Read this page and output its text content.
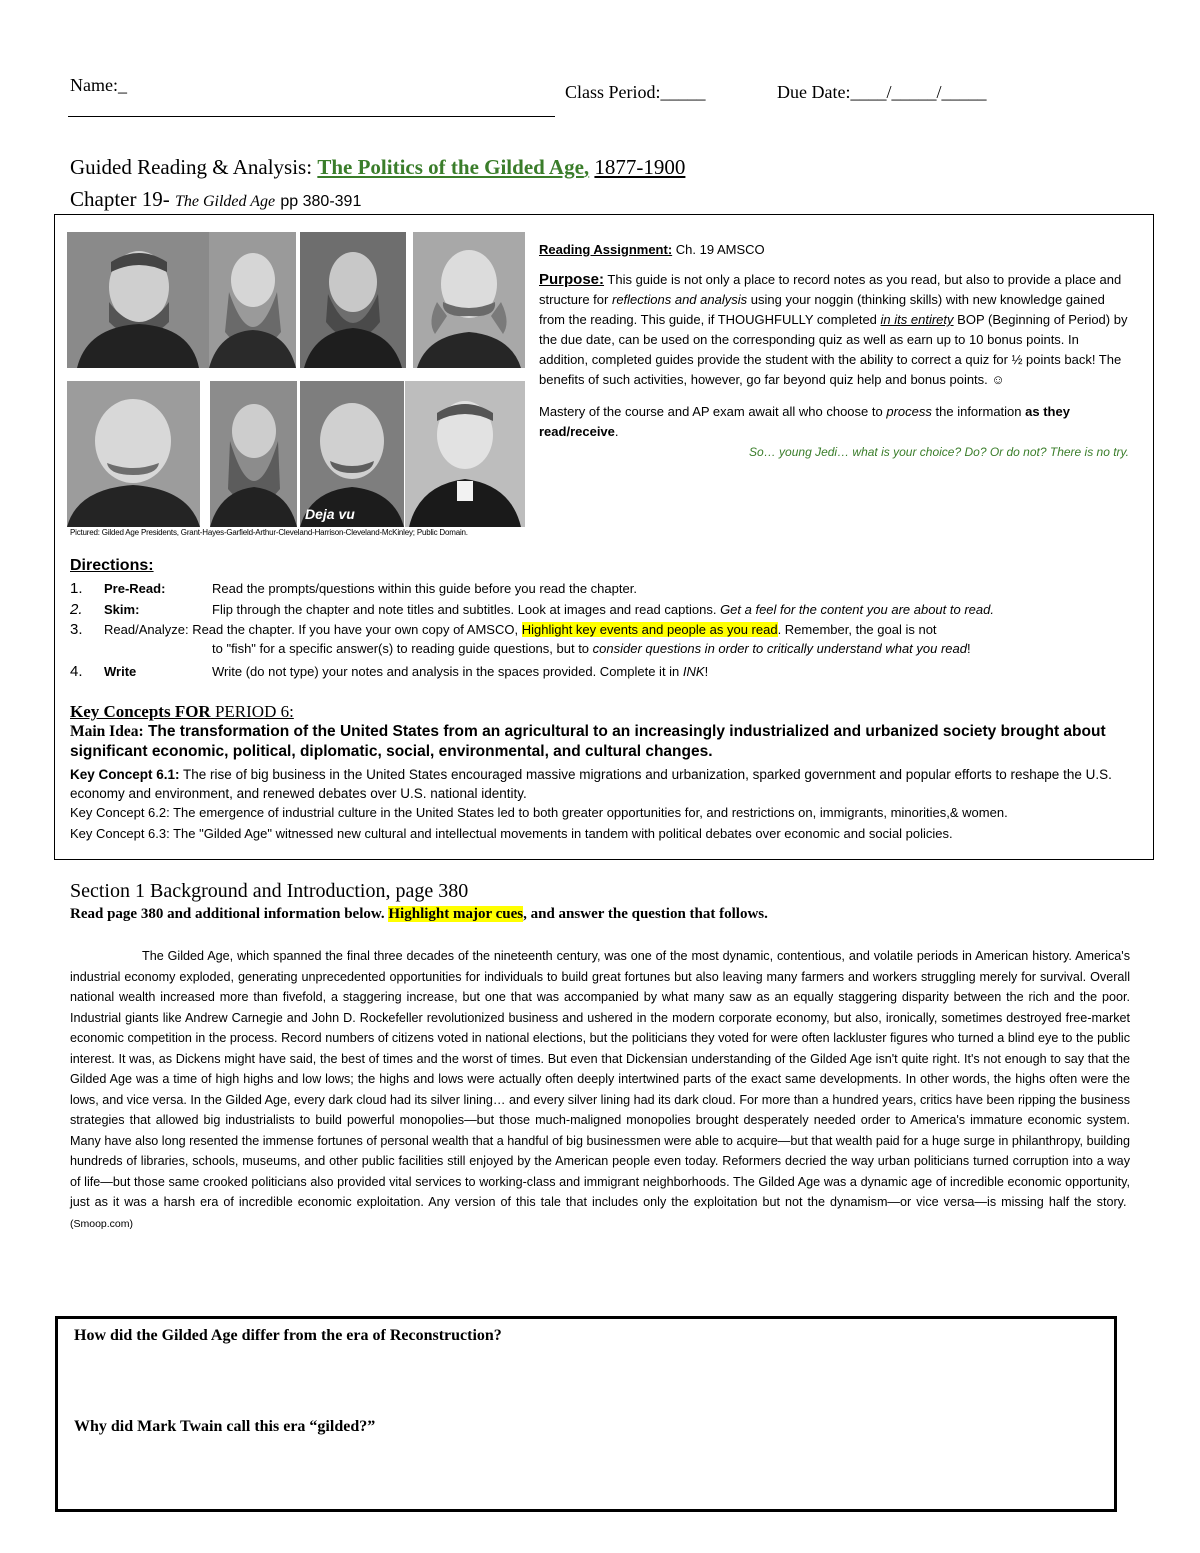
Name:_	Class Period:_____	Due Date:____/_____/_____
Guided Reading & Analysis: The Politics of the Gilded Age, 1877-1900
Chapter 19- The Gilded Age pp 380-391
Deja vu
Pictured: Gilded Age Presidents, Grant-Hayes-Garfield-Arthur-Cleveland-Harrison-Cleveland-McKinley; Public Domain.

Reading Assignment: Ch. 19 AMSCO

Purpose: This guide is not only a place to record notes as you read, but also to provide a place and structure for reflections and analysis using your noggin (thinking skills) with new knowledge gained from the reading. This guide, if THOUGHFULLY completed in its entirety BOP (Beginning of Period) by the due date, can be used on the corresponding quiz as well as earn up to 10 bonus points. In addition, completed guides provide the student with the ability to correct a quiz for ½ points back! The benefits of such activities, however, go far beyond quiz help and bonus points. ☺

Mastery of the course and AP exam await all who choose to process the information as they read/receive.

So… young Jedi… what is your choice? Do? Or do not? There is no try.

Directions:
1. Pre-Read:	Read the prompts/questions within this guide before you read the chapter.
2. Skim:	Flip through the chapter and note titles and subtitles. Look at images and read captions. Get a feel for the content you are about to read.
3. Read/Analyze: Read the chapter. If you have your own copy of AMSCO, Highlight key events and people as you read. Remember, the goal is not
to "fish" for a specific answer(s) to reading guide questions, but to consider questions in order to critically understand what you read!
4. Write	Write (do not type) your notes and analysis in the spaces provided. Complete it in INK!
Key Concepts FOR PERIOD 6:
Main Idea: The transformation of the United States from an agricultural to an increasingly industrialized and urbanized society brought about significant economic, political, diplomatic, social, environmental, and cultural changes.
Key Concept 6.1: The rise of big business in the United States encouraged massive migrations and urbanization, sparked government and popular efforts to reshape the U.S. economy and environment, and renewed debates over U.S. national identity.
Key Concept 6.2: The emergence of industrial culture in the United States led to both greater opportunities for, and restrictions on, immigrants, minorities,& women.
Key Concept 6.3: The "Gilded Age" witnessed new cultural and intellectual movements in tandem with political debates over economic and social policies.
Section 1 Background and Introduction, page 380
Read page 380 and additional information below. Highlight major cues, and answer the question that follows.
The Gilded Age, which spanned the final three decades of the nineteenth century, was one of the most dynamic, contentious, and volatile periods in American history. America's industrial economy exploded, generating unprecedented opportunities for individuals to build great fortunes but also leaving many farmers and workers struggling merely for survival. Overall national wealth increased more than fivefold, a staggering increase, but one that was accompanied by what many saw as an equally staggering disparity between the rich and the poor. Industrial giants like Andrew Carnegie and John D. Rockefeller revolutionized business and ushered in the modern corporate economy, but also, ironically, sometimes destroyed free-market economic competition in the process. Record numbers of citizens voted in national elections, but the politicians they voted for were often lackluster figures who turned a blind eye to the public interest. It was, as Dickens might have said, the best of times and the worst of times. But even that Dickensian understanding of the Gilded Age isn't quite right. It's not enough to say that the Gilded Age was a time of high highs and low lows; the highs and lows were actually often deeply intertwined parts of the exact same developments. In other words, the highs often were the lows, and vice versa. In the Gilded Age, every dark cloud had its silver lining… and every silver lining had its dark cloud. For more than a hundred years, critics have been ripping the business strategies that allowed big industrialists to build powerful monopolies—but those much-maligned monopolies brought desperately needed order to America's immature economic system. Many have also long resented the immense fortunes of personal wealth that a handful of big businessmen were able to acquire—but that wealth paid for a huge surge in philanthropy, building hundreds of libraries, schools, museums, and other public facilities still enjoyed by the American people even today. Reformers decried the way urban politicians turned corruption into a way of life—but those same crooked politicians also provided vital services to working-class and immigrant neighborhoods. The Gilded Age was a dynamic age of incredible economic opportunity, just as it was a harsh era of incredible economic exploitation. Any version of this tale that includes only the exploitation but not the dynamism—or vice versa—is missing half the story.  (Smoop.com)
How did the Gilded Age differ from the era of Reconstruction?
Why did Mark Twain call this era “gilded?”
